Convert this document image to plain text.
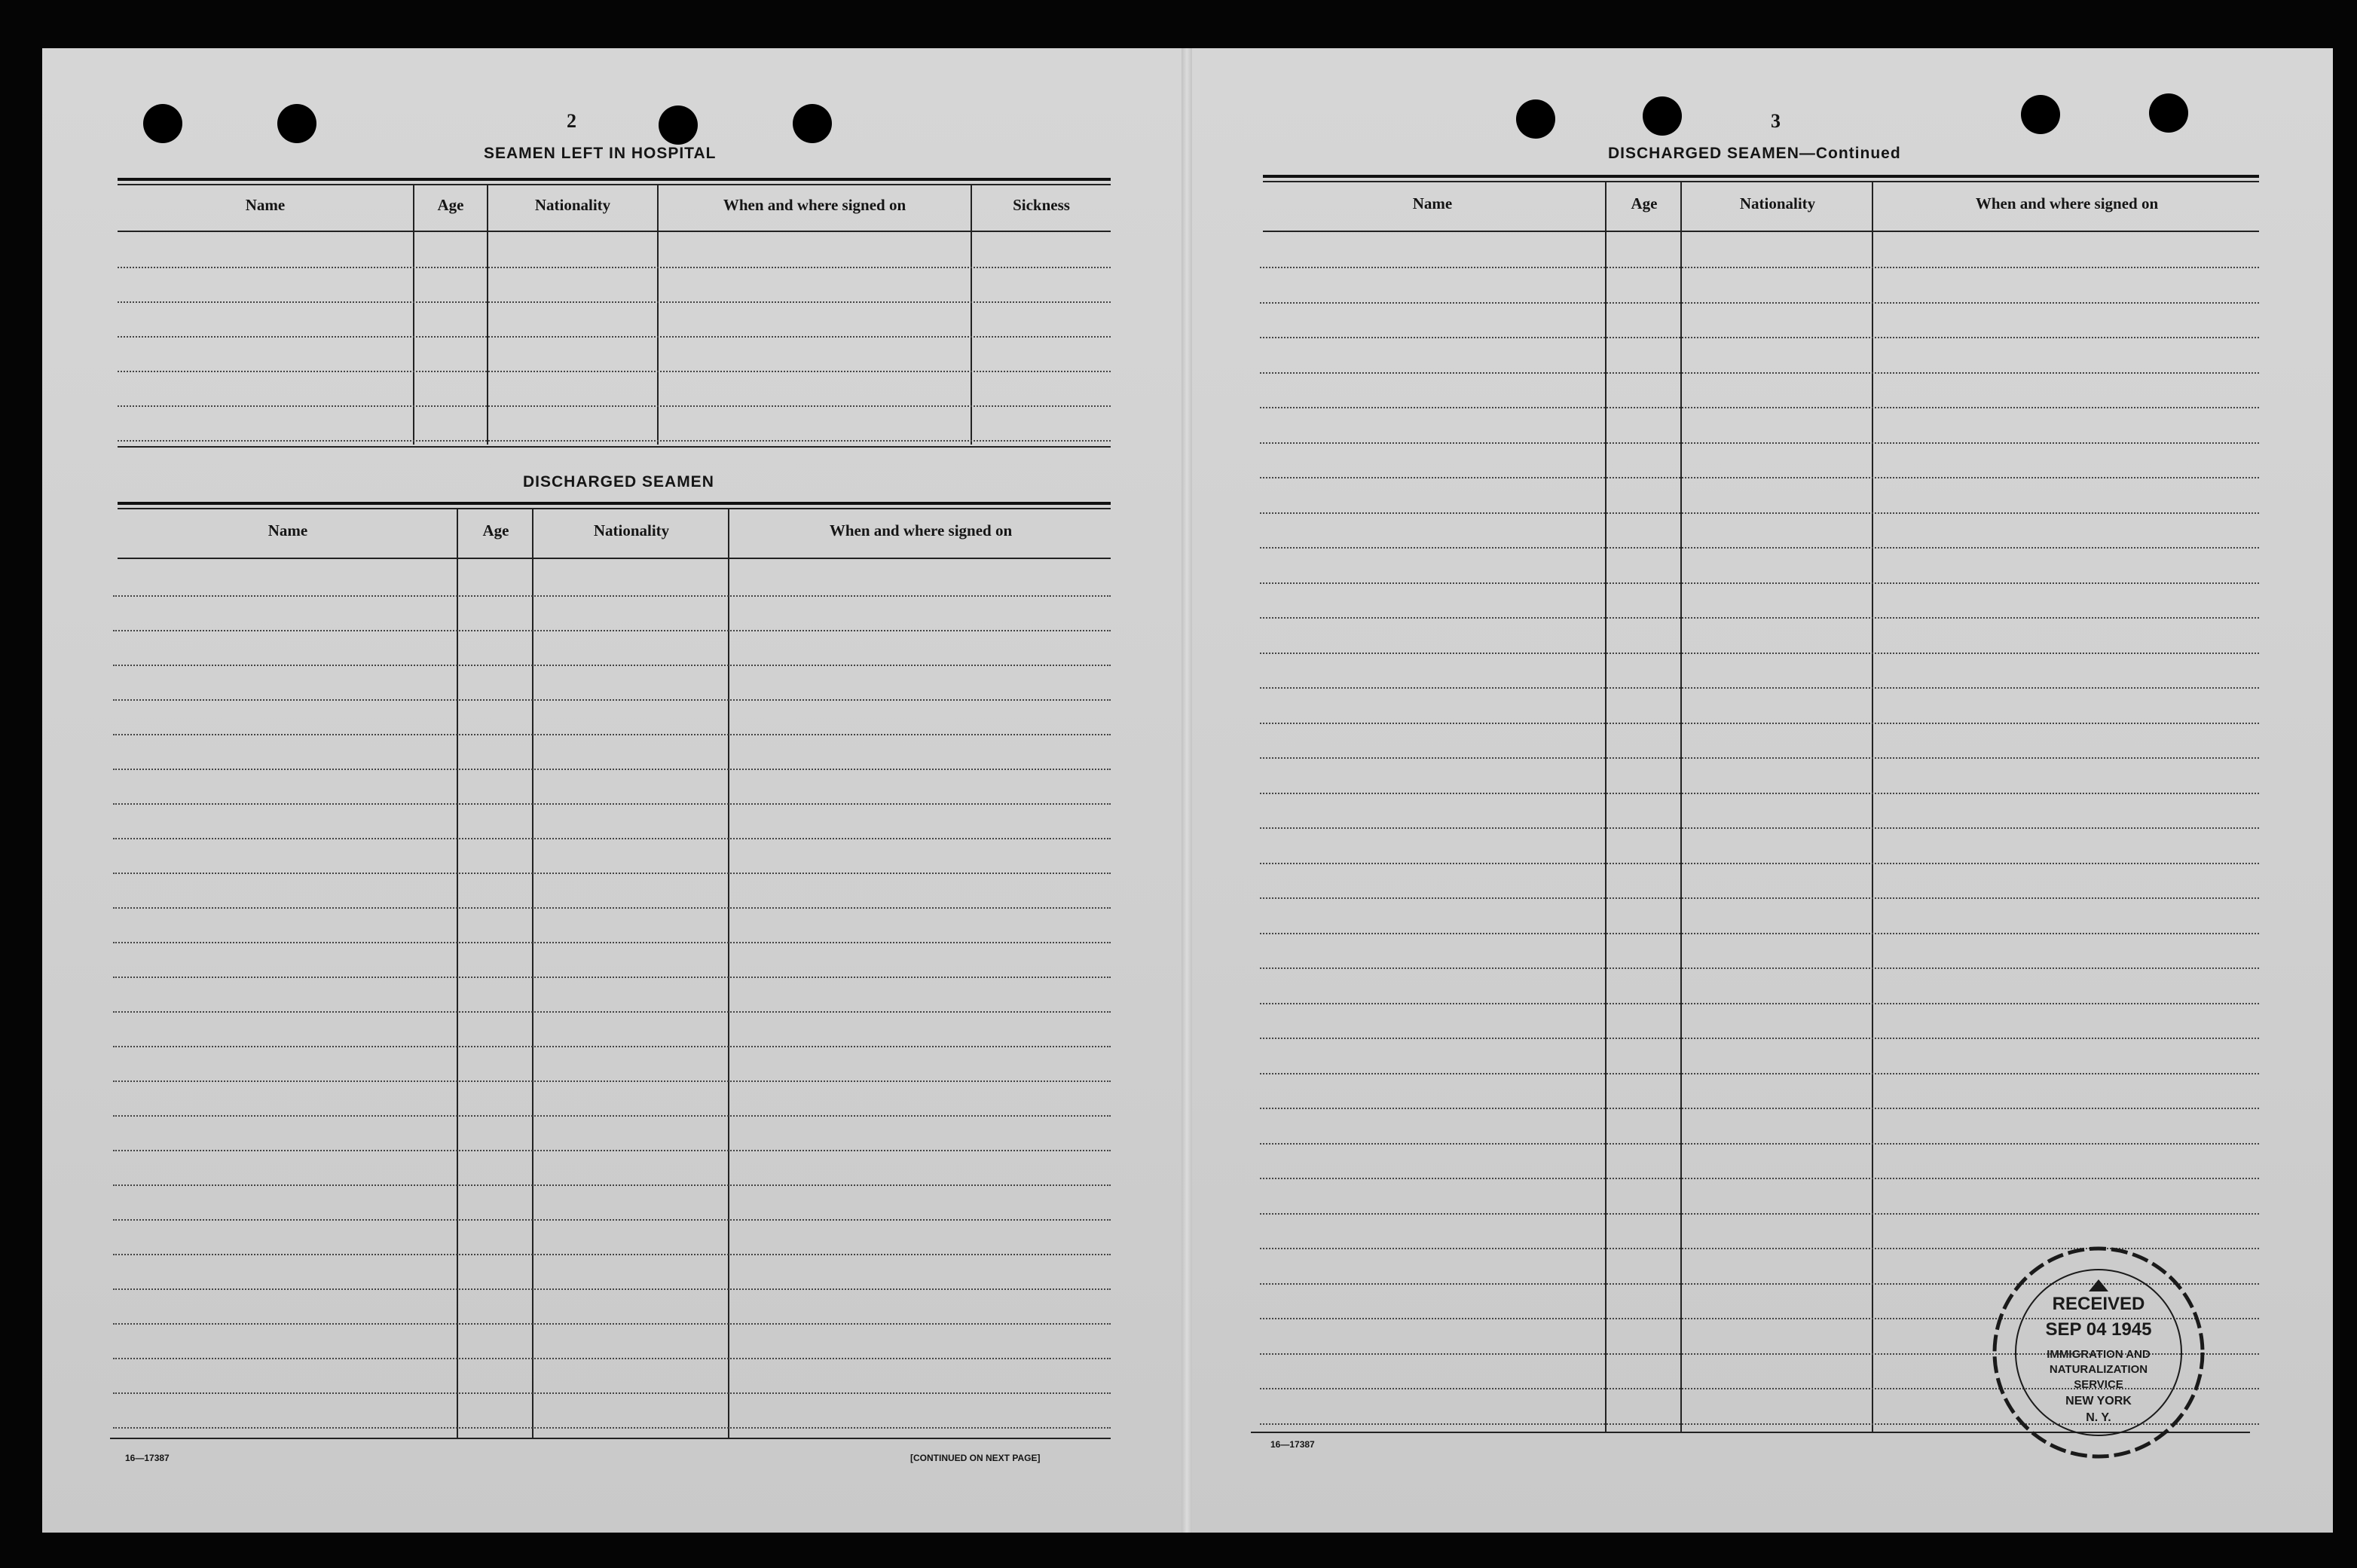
2
SEAMEN LEFT IN HOSPITAL
Name	Age	Nationality	When and where signed on	Sickness
DISCHARGED SEAMEN
Name	Age	Nationality	When and where signed on
16—17387	[CONTINUED ON NEXT PAGE]
3
DISCHARGED SEAMEN—Continued
Name	Age	Nationality	When and where signed on
16—17387
RECEIVED
SEP 04 1945
IMMIGRATION AND
NATURALIZATION
SERVICE
NEW YORK
N. Y.
